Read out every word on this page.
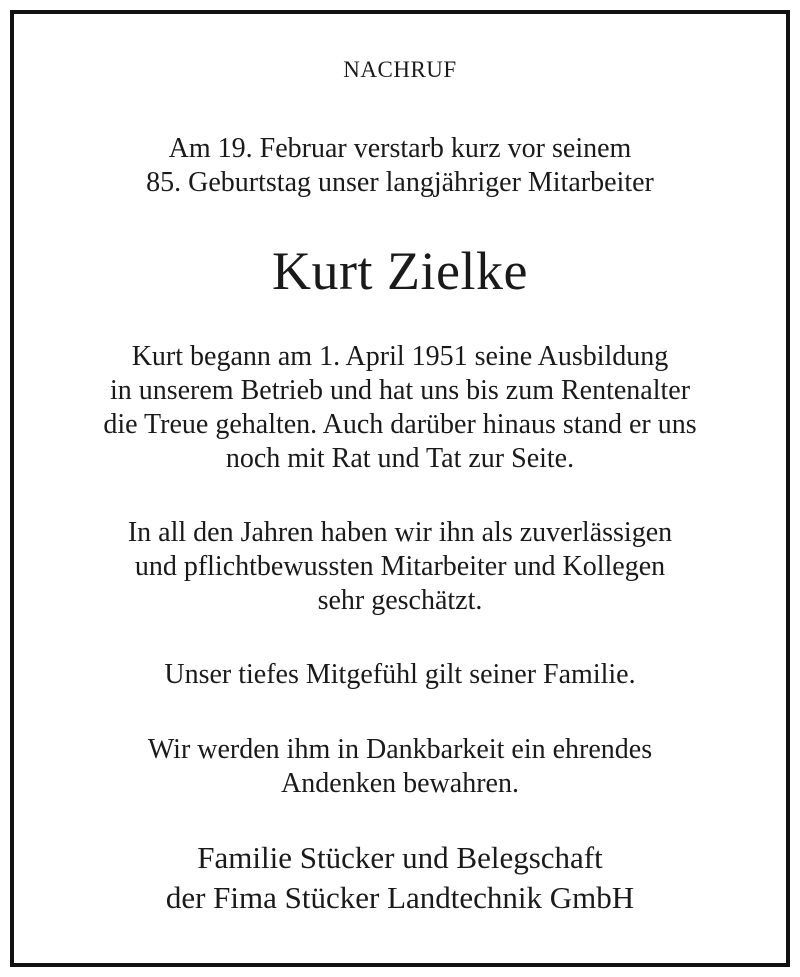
NACHRUF

Am 19. Februar verstarb kurz vor seinem

85. Geburtstag unser langjähriger Mitarbeiter

Kurt Zielke

Kurt begann am 1. April 1951 seine Ausbildung

in unserem Betrieb und hat uns bis zum Rentenalter

die Treue gehalten. Auch darüber hinaus stand er uns

noch mit Rat und Tat zur Seite.

In all den Jahren haben wir ihn als zuverlässigen

und pflichtbewussten Mitarbeiter und Kollegen

sehr geschätzt.

Unser tiefes Mitgefühl gilt seiner Familie.

Wir werden ihm in Dankbarkeit ein ehrendes

Andenken bewahren.

Familie Stücker und Belegschaft

der Fima Stücker Landtechnik GmbH
